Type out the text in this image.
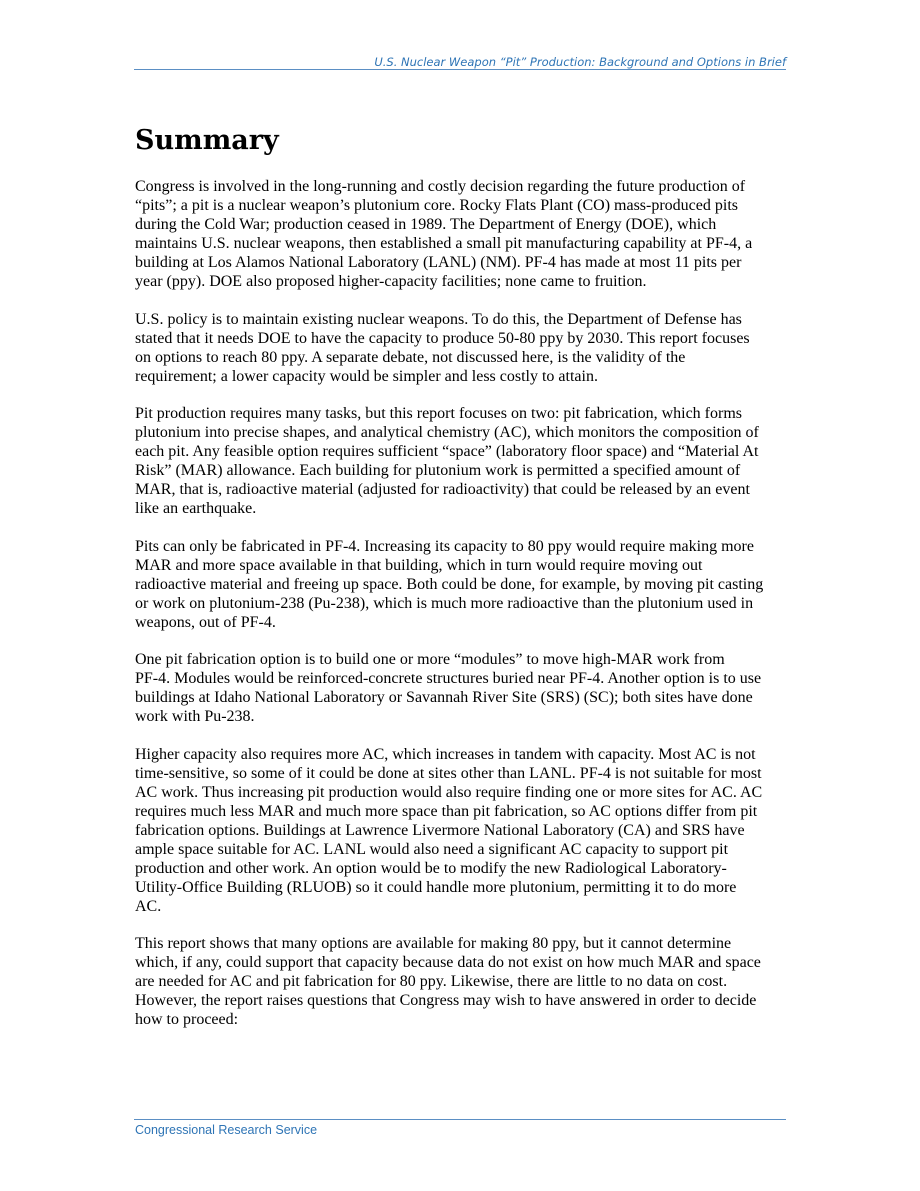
U.S. Nuclear Weapon “Pit” Production: Background and Options in Brief
Summary

Congress is involved in the long-running and costly decision regarding the future production of
“pits”; a pit is a nuclear weapon’s plutonium core. Rocky Flats Plant (CO) mass-produced pits
during the Cold War; production ceased in 1989. The Department of Energy (DOE), which
maintains U.S. nuclear weapons, then established a small pit manufacturing capability at PF-4, a
building at Los Alamos National Laboratory (LANL) (NM). PF-4 has made at most 11 pits per
year (ppy). DOE also proposed higher-capacity facilities; none came to fruition.

U.S. policy is to maintain existing nuclear weapons. To do this, the Department of Defense has
stated that it needs DOE to have the capacity to produce 50-80 ppy by 2030. This report focuses
on options to reach 80 ppy. A separate debate, not discussed here, is the validity of the
requirement; a lower capacity would be simpler and less costly to attain.

Pit production requires many tasks, but this report focuses on two: pit fabrication, which forms
plutonium into precise shapes, and analytical chemistry (AC), which monitors the composition of
each pit. Any feasible option requires sufficient “space” (laboratory floor space) and “Material At
Risk” (MAR) allowance. Each building for plutonium work is permitted a specified amount of
MAR, that is, radioactive material (adjusted for radioactivity) that could be released by an event
like an earthquake.

Pits can only be fabricated in PF-4. Increasing its capacity to 80 ppy would require making more
MAR and more space available in that building, which in turn would require moving out
radioactive material and freeing up space. Both could be done, for example, by moving pit casting
or work on plutonium-238 (Pu-238), which is much more radioactive than the plutonium used in
weapons, out of PF-4.

One pit fabrication option is to build one or more “modules” to move high-MAR work from
PF-4. Modules would be reinforced-concrete structures buried near PF-4. Another option is to use
buildings at Idaho National Laboratory or Savannah River Site (SRS) (SC); both sites have done
work with Pu-238.

Higher capacity also requires more AC, which increases in tandem with capacity. Most AC is not
time-sensitive, so some of it could be done at sites other than LANL. PF-4 is not suitable for most
AC work. Thus increasing pit production would also require finding one or more sites for AC. AC
requires much less MAR and much more space than pit fabrication, so AC options differ from pit
fabrication options. Buildings at Lawrence Livermore National Laboratory (CA) and SRS have
ample space suitable for AC. LANL would also need a significant AC capacity to support pit
production and other work. An option would be to modify the new Radiological Laboratory-
Utility-Office Building (RLUOB) so it could handle more plutonium, permitting it to do more
AC.

This report shows that many options are available for making 80 ppy, but it cannot determine
which, if any, could support that capacity because data do not exist on how much MAR and space
are needed for AC and pit fabrication for 80 ppy. Likewise, there are little to no data on cost.
However, the report raises questions that Congress may wish to have answered in order to decide
how to proceed:

Congressional Research Service
